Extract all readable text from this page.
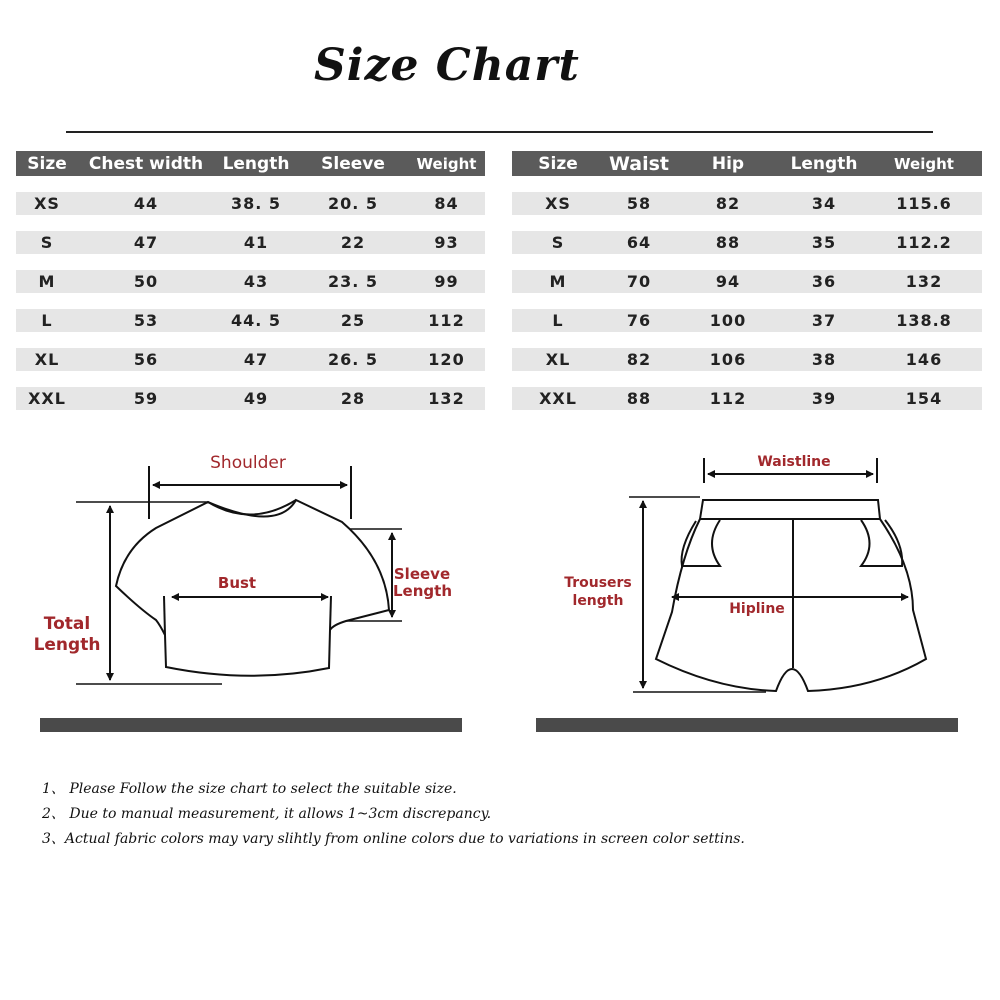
Size Chart
Size	Chest width	Length	Sleeve	Weight
XS	44	38. 5	20. 5	84
S	47	41	22	93
M	50	43	23. 5	99
L	53	44. 5	25	112
XL	56	47	26. 5	120
XXL	59	49	28	132
Size	Waist	Hip	Length	Weight
XS	58	82	34	115.6
S	64	88	35	112.2
M	70	94	36	132
L	76	100	37	138.8
XL	82	106	38	146
XXL	88	112	39	154
Shoulder
Bust	Sleeve
Length
Total
Length
Waistline
Trousers
length	Hipline
1、 Please Follow the size chart to select the suitable size.
2、 Due to manual measurement, it allows 1~3cm discrepancy.
3、Actual fabric colors may vary slihtly from online colors due to variations in screen color settins.
